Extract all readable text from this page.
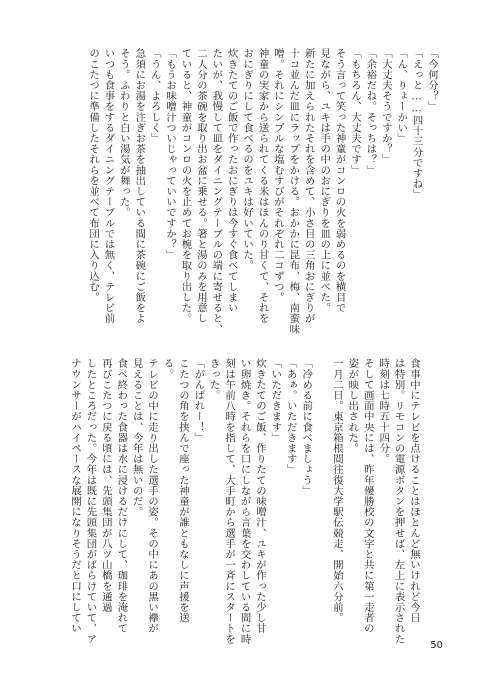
「今何分？」
「えっと……四十三分ですね」
「ん、りょーかい」
「大丈夫そうですか？」
「余裕だね。そっちは？」
「もちろん、大丈夫です」
そう言って笑った神童がコンロの火を弱めるのを横目で
見ながら、ユキは手の中のおにぎりを皿の上に並べた。
新たに加えられたそれを含めて、小さ目の三角おにぎりが
十コ並んだ皿にラップをかける。おかかに昆布、梅、南蛮味
噌。それにシンプルな塩むすびがそれぞれ二コずつ。
神童の実家から送られてくる米はほんのり甘くて、それを
おにぎりにして食べるのをユキは好いていた。
炊きたてのご飯で作ったおにぎりは今すぐ食べてしまい
たいが、我慢して皿をダイニングテーブルの端に寄せると、
二人分の茶碗を取り出お盆に乗せる。箸と湯のみを用意し
ていると、神童がコンロの火を止めてお椀を取り出した。
「もうお味噌汁ついじゃっていいですか？」
「うん、よろしく」
急須にお湯を注ぎお茶を抽出している間に茶碗にご飯をよ
そう。ふわりと白い湯気が舞った。
いつも食事をするダイニングテーブルでは無く、テレビ前
のこたつに準備したそれらを並べて布団に入り込む。
食事中にテレビを点けることはほとんど無いけれど今日
は特別。リモコンの電源ボタンを押せば、左上に表示された
時刻は七時五十四分。
そして画面中央には、昨年優勝校の文字と共に第一走者の
姿が映し出された。
一月二日。東京箱根間往復大学駅伝競走、開始六分前。

「冷める前に食べましょう」
「あぁ。いただきます」
「いただきます」
炊きたてのご飯、作りたての味噌汁、ユキが作った少し甘
い卵焼き。それらを口にしながら言葉を交わしている間に時
刻は午前八時を指して、大手町から選手が一斉にスタートを
きった。
「がんばれー！」
こたつの角を挟んで座った神童が誰ともなしに声援を送
る。
テレビの中に走り出した選手の姿。その中にあの黒い襷が
見えることは、今年は無いのだ。
食べ終わった食器は水に浸けるだけにして、珈琲を淹れて
再びこたつに戻る頃には、先頭集団が八ツ山橋を通過
したところだった。今年は既に先頭集団がばらけていて、ア
ナウンサーがハイペースな展開になりそうだと口にしてい
50
